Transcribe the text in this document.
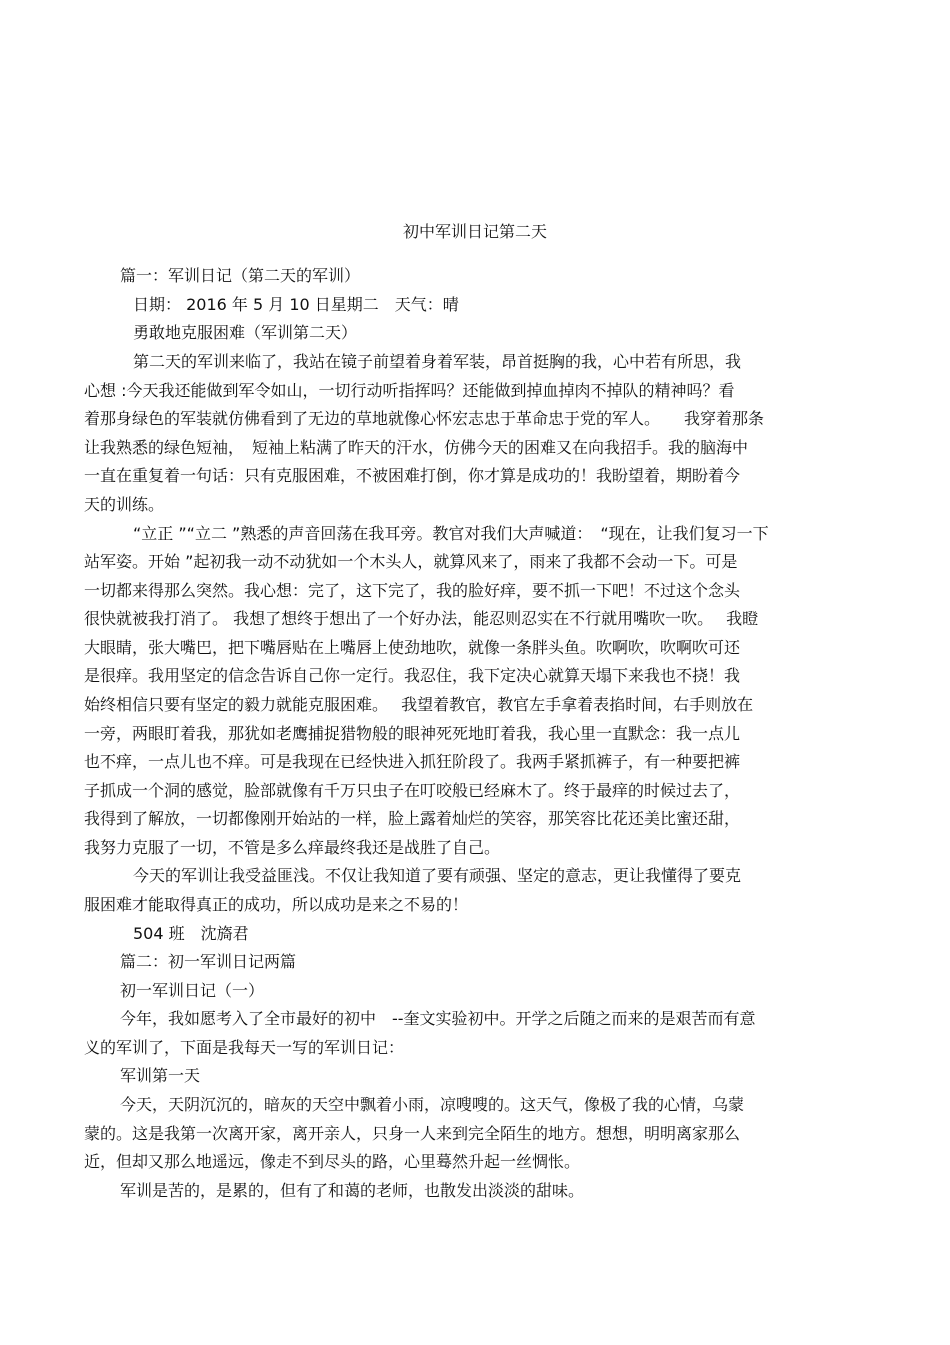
初中军训日记第二天
篇一：军训日记（第二天的军训）
日期： 2016 年 5 月 10 日星期二　天气：晴
勇敢地克服困难（军训第二天）
第二天的军训来临了，我站在镜子前望着身着军装，昂首挺胸的我，心中若有所思，我
心想 :今天我还能做到军令如山，一切行动听指挥吗？还能做到掉血掉肉不掉队的精神吗？看
着那身绿色的军装就仿佛看到了无边的草地就像心怀宏志忠于革命忠于党的军人。　　我穿着那条
让我熟悉的绿色短袖，　短袖上粘满了昨天的汗水，仿佛今天的困难又在向我招手。我的脑海中
一直在重复着一句话：只有克服困难，不被困难打倒，你才算是成功的！我盼望着，期盼着今
天的训练。
“立正 ”“立二 ”熟悉的声音回荡在我耳旁。教官对我们大声喊道：　“现在，让我们复习一下
站军姿。开始 ”起初我一动不动犹如一个木头人，就算风来了，雨来了我都不会动一下。可是
一切都来得那么突然。我心想：完了，这下完了，我的脸好痒，要不抓一下吧！不过这个念头
很快就被我打消了。 我想了想终于想出了一个好办法，能忍则忍实在不行就用嘴吹一吹。　 我瞪
大眼睛，张大嘴巴，把下嘴唇贴在上嘴唇上使劲地吹，就像一条胖头鱼。吹啊吹，吹啊吹可还
是很痒。我用坚定的信念告诉自己你一定行。我忍住，我下定决心就算天塌下来我也不挠！我
始终相信只要有坚定的毅力就能克服困难。　 我望着教官，教官左手拿着表掐时间，右手则放在
一旁，两眼盯着我，那犹如老鹰捕捉猎物般的眼神死死地盯着我，我心里一直默念：我一点儿
也不痒，一点儿也不痒。可是我现在已经快进入抓狂阶段了。我两手紧抓裤子，有一种要把裤
子抓成一个洞的感觉，脸部就像有千万只虫子在叮咬般已经麻木了。终于最痒的时候过去了，
我得到了解放，一切都像刚开始站的一样，脸上露着灿烂的笑容，那笑容比花还美比蜜还甜，
我努力克服了一切，不管是多么痒最终我还是战胜了自己。
今天的军训让我受益匪浅。不仅让我知道了要有顽强、坚定的意志，更让我懂得了要克
服困难才能取得真正的成功，所以成功是来之不易的！
504 班　沈旖君
篇二：初一军训日记两篇
初一军训日记（一）
今年，我如愿考入了全市最好的初中　--奎文实验初中。开学之后随之而来的是艰苦而有意
义的军训了，下面是我每天一写的军训日记：
军训第一天
今天，天阴沉沉的，暗灰的天空中飘着小雨，凉嗖嗖的。这天气，像极了我的心情，乌蒙
蒙的。这是我第一次离开家，离开亲人，只身一人来到完全陌生的地方。想想，明明离家那么
近，但却又那么地遥远，像走不到尽头的路，心里蓦然升起一丝惆怅。
军训是苦的，是累的，但有了和蔼的老师，也散发出淡淡的甜味。
